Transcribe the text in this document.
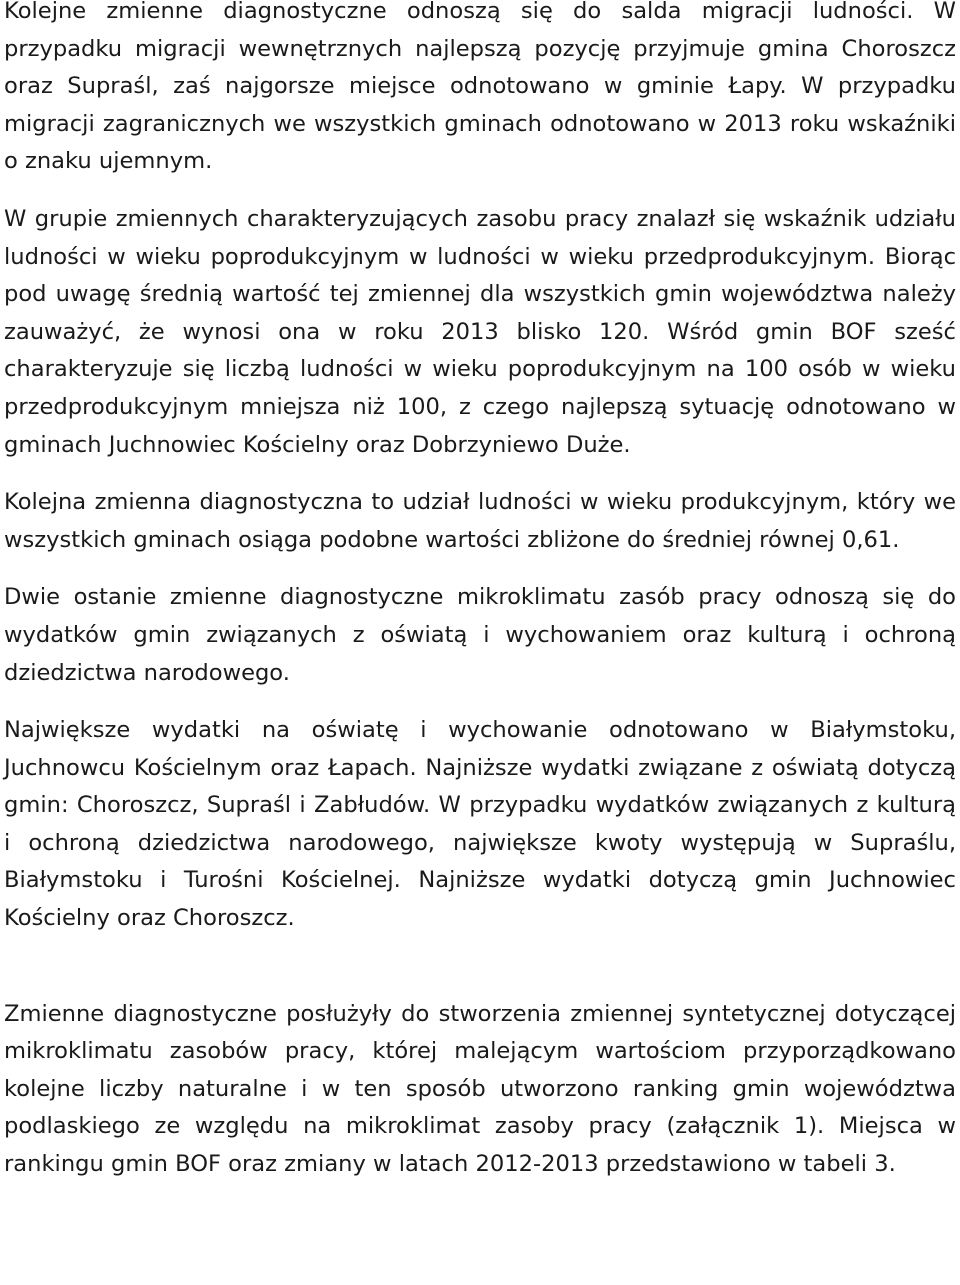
Kolejne zmienne diagnostyczne odnoszą się do salda migracji ludności. W przypadku migracji wewnętrznych najlepszą pozycję przyjmuje gmina Choroszcz oraz Supraśl, zaś najgorsze miejsce odnotowano w gminie Łapy. W przypadku migracji zagranicznych we wszystkich gminach odnotowano w 2013 roku wskaźniki o znaku ujemnym.

W grupie zmiennych charakteryzujących zasobu pracy znalazł się wskaźnik udziału ludności w wieku poprodukcyjnym w ludności w wieku przedprodukcyjnym. Biorąc pod uwagę średnią wartość tej zmiennej dla wszystkich gmin województwa należy zauważyć, że wynosi ona w roku 2013 blisko 120. Wśród gmin BOF sześć charakteryzuje się liczbą ludności w wieku poprodukcyjnym na 100 osób w wieku przedprodukcyjnym mniejsza niż 100, z czego najlepszą sytuację odnotowano w gminach Juchnowiec Kościelny oraz Dobrzyniewo Duże.

Kolejna zmienna diagnostyczna to udział ludności w wieku produkcyjnym, który we wszystkich gminach osiąga podobne wartości zbliżone do średniej równej 0,61.

Dwie ostanie zmienne diagnostyczne mikroklimatu zasób pracy odnoszą się do wydatków gmin związanych z oświatą i wychowaniem oraz kulturą i ochroną dziedzictwa narodowego.

Największe wydatki na oświatę i wychowanie odnotowano w Białymstoku, Juchnowcu Kościelnym oraz Łapach. Najniższe wydatki związane z oświatą dotyczą gmin: Choroszcz, Supraśl i Zabłudów. W przypadku wydatków związanych z kulturą i ochroną dziedzictwa narodowego, największe kwoty występują w Supraślu, Białymstoku i Turośni Kościelnej. Najniższe wydatki dotyczą gmin Juchnowiec Kościelny oraz Choroszcz.

Zmienne diagnostyczne posłużyły do stworzenia zmiennej syntetycznej dotyczącej mikroklimatu zasobów pracy, której malejącym wartościom przyporządkowano kolejne liczby naturalne i w ten sposób utworzono ranking gmin województwa podlaskiego ze względu na mikroklimat zasoby pracy (załącznik 1). Miejsca w rankingu gmin BOF oraz zmiany w latach 2012-2013 przedstawiono w tabeli 3.
